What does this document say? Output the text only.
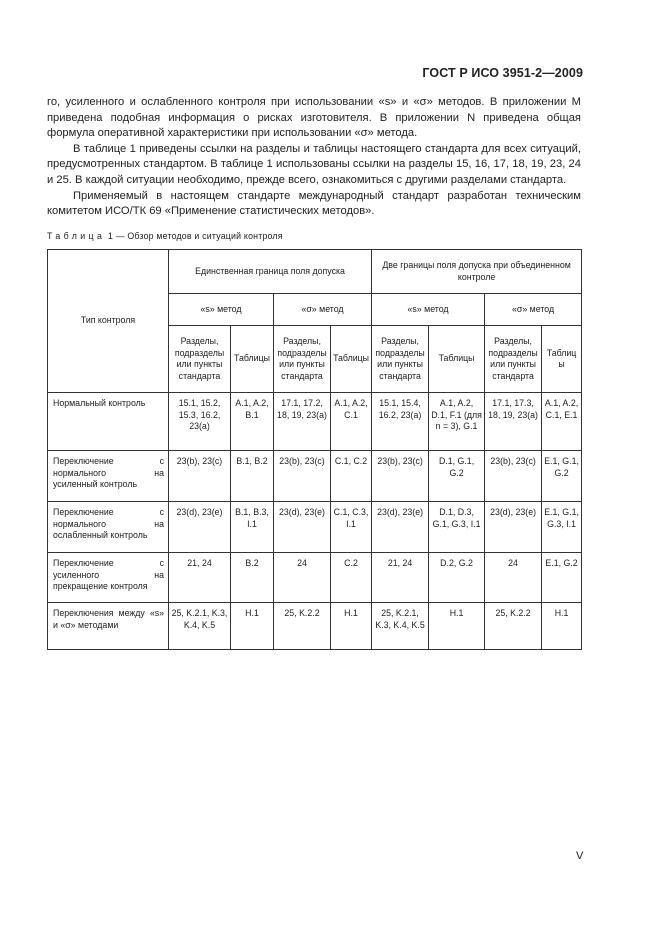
ГОСТ Р ИСО 3951-2—2009

го, усиленного и ослабленного контроля при использовании «s» и «σ» методов. В приложении М приведена подобная информация о рисках изготовителя. В приложении N приведена общая формула оперативной характеристики при использовании «σ» метода.

В таблице 1 приведены ссылки на разделы и таблицы настоящего стандарта для всех ситуаций, предусмотренных стандартом. В таблице 1 использованы ссылки на разделы 15, 16, 17, 18, 19, 23, 24 и 25. В каждой ситуации необходимо, прежде всего, ознакомиться с другими разделами стандарта.

Применяемый в настоящем стандарте международный стандарт разработан техническим комитетом ИСО/ТК 69 «Применение статистических методов».

Таблица 1 — Обзор методов и ситуаций контроля
Тип контроля	Единственная граница поля допуска				Две границы поля допуска при объединенном контроле			
	«s» метод		«σ» метод		«s» метод		«σ» метод	
	Разделы, подразделы или пункты стандарта	Таблицы	Разделы, подразделы или пункты стандарта	Таблицы	Разделы, подразделы или пункты стандарта	Таблицы	Разделы, подразделы или пункты стандарта	Таблицы
Нормальный контроль	15.1, 15.2, 15.3, 16.2, 23(a)	A.1, A.2, B.1	17.1, 17.2, 18, 19, 23(a)	A.1, A.2, C.1	15.1, 15.4, 16.2, 23(a)	A.1, A.2, D.1, F.1 (для n = 3), G.1	17.1, 17.3, 18, 19, 23(a)	A.1, A.2, C.1, E.1
Переключение с нормального на усиленный контроль	23(b), 23(c)	B.1, B.2	23(b), 23(c)	C.1, C.2	23(b), 23(c)	D.1, G.1, G.2	23(b), 23(c)	E.1, G.1, G.2
Переключение с нормального на ослабленный контроль	23(d), 23(e)	B.1, B.3, I.1	23(d), 23(e)	C.1, C.3, I.1	23(d), 23(e)	D.1, D.3, G.1, G.3, I.1	23(d), 23(e)	E.1, G.1, G.3, I.1
Переключение с усиленного на прекращение контроля	21, 24	B.2	24	C.2	21, 24	D.2, G.2	24	E.1, G.2
Переключения между «s» и «σ» методами	25, K.2.1, K.3, K.4, K.5	H.1	25, K.2.2	H.1	25, K.2.1, K.3, K.4, K.5	H.1	25, K.2.2	H.1
V
